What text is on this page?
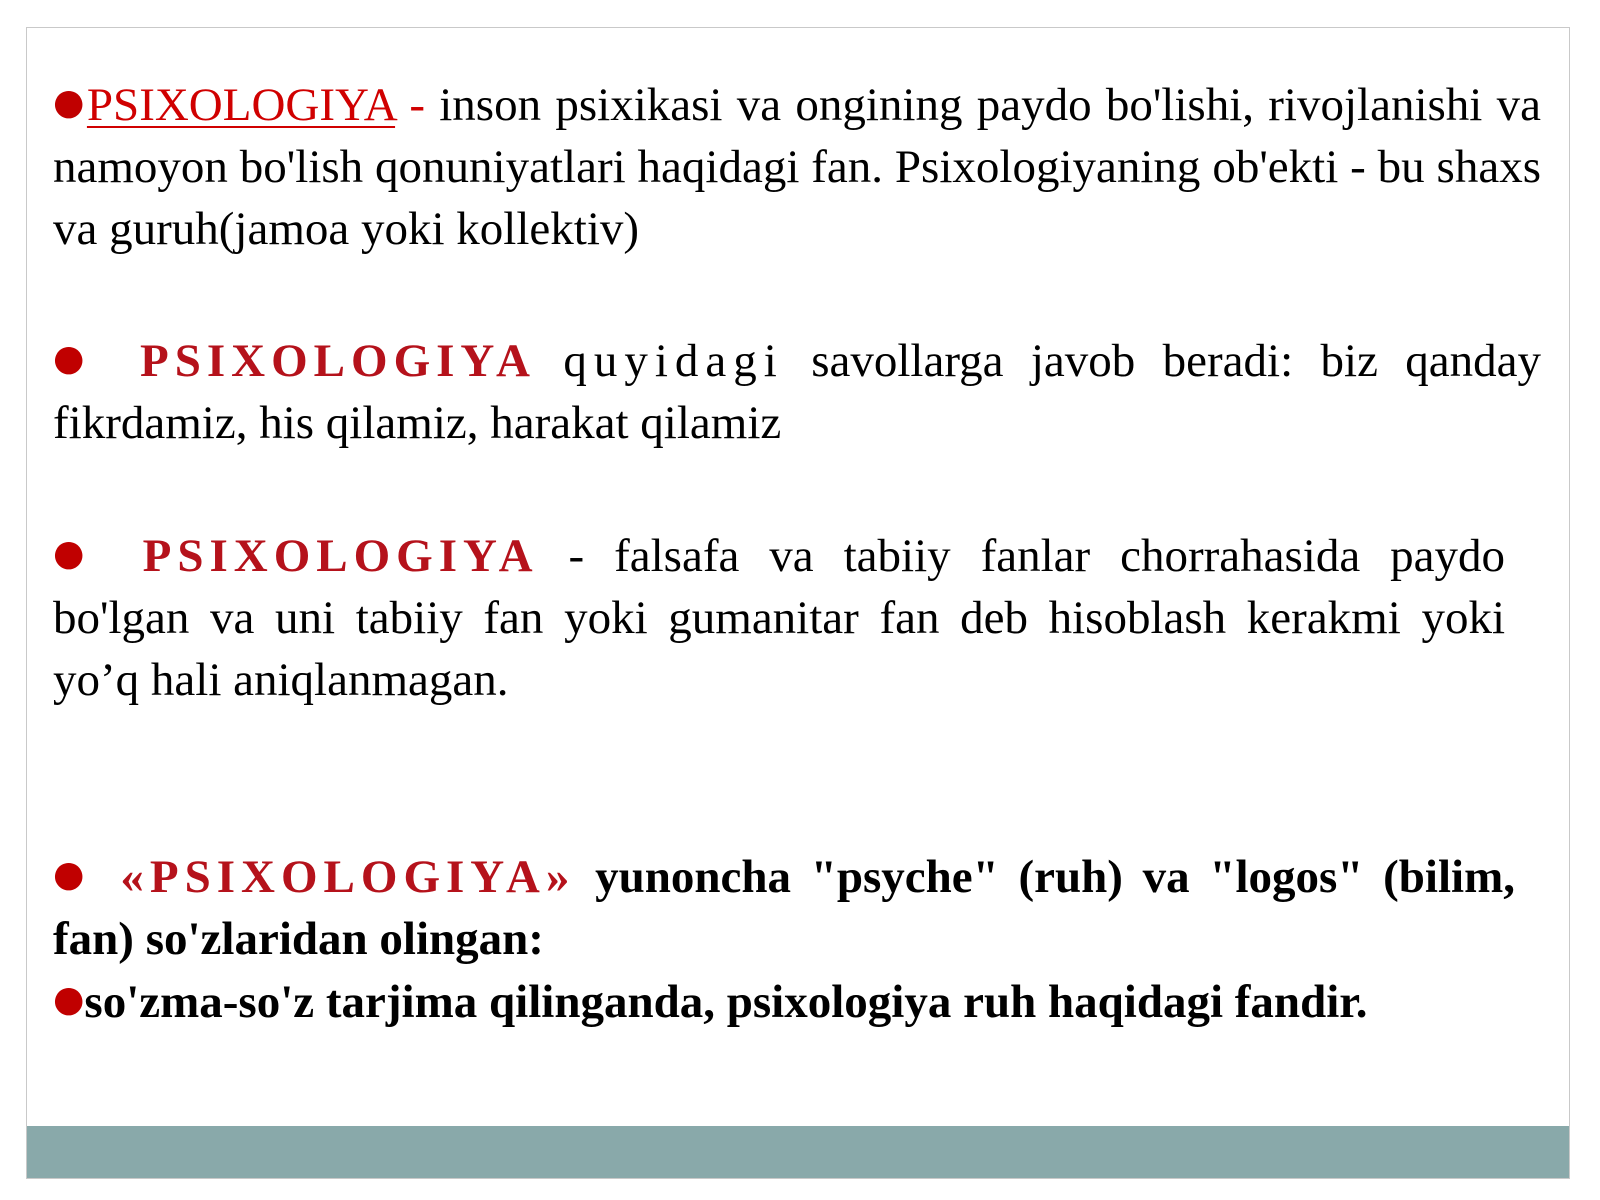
●PSIXOLOGIYA - inson psixikasi va ongining paydo bo'lishi, rivojlanishi va namoyon bo'lish qonuniyatlari haqidagi fan. Psixologiyaning ob'ekti - bu shaxs va guruh(jamoa yoki kollektiv)

● PSIXOLOGIYA quyidagi savollarga javob beradi: biz qanday fikrdamiz, his qilamiz, harakat qilamiz

● PSIXOLOGIYA - falsafa va tabiiy fanlar chorrahasida paydo bo'lgan va uni tabiiy fan yoki gumanitar fan deb hisoblash kerakmi yoki yo’q hali aniqlanmagan.

● «PSIXOLOGIYA» yunoncha "psyche" (ruh) va "logos" (bilim, fan) so'zlaridan olingan:

●so'zma-so'z tarjima qilinganda, psixologiya ruh haqidagi fandir.
